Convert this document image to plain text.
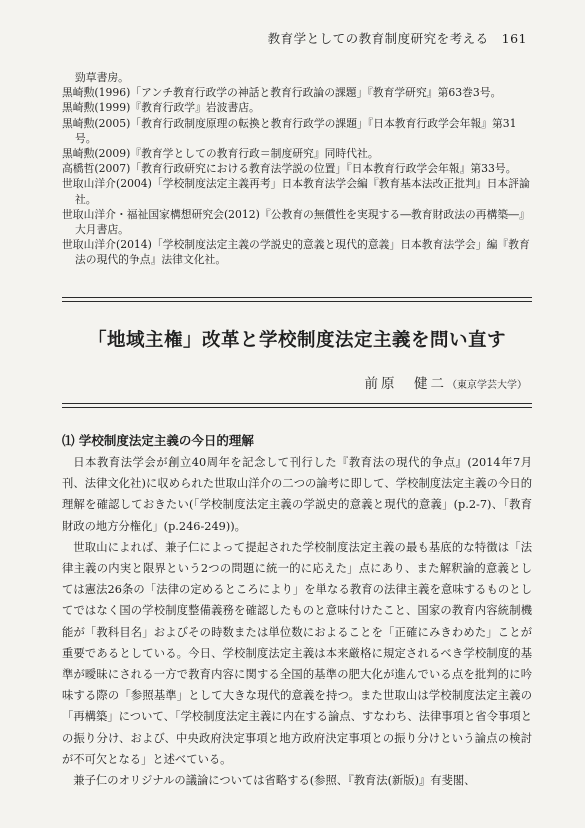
教育学としての教育制度研究を考える　161
勁草書房。
黒崎勲(1996)「アンチ教育行政学の神話と教育行政論の課題」『教育学研究』第63巻3号。
黒崎勲(1999)『教育行政学』岩波書店。
黒崎勲(2005)「教育行政制度原理の転換と教育行政学の課題」『日本教育行政学会年報』第31号。
黒崎勲(2009)『教育学としての教育行政＝制度研究』同時代社。
高橋哲(2007)「教育行政研究における教育法学説の位置」『日本教育行政学会年報』第33号。
世取山洋介(2004)「学校制度法定主義再考」日本教育法学会編『教育基本法改正批判』日本評論社。
世取山洋介・福祉国家構想研究会(2012)『公教育の無償性を実現する―教育財政法の再構築―』大月書店。
世取山洋介(2014)「学校制度法定主義の学説史的意義と現代的意義」日本教育法学会」編『教育法の現代的争点』法律文化社。
「地域主権」改革と学校制度法定主義を問い直す
前原　健二（東京学芸大学）
⑴ 学校制度法定主義の今日的理解

日本教育法学会が創立40周年を記念して刊行した『教育法の現代的争点』(2014年7月刊、法律文化社)に収められた世取山洋介の二つの論考に即して、学校制度法定主義の今日的理解を確認しておきたい(「学校制度法定主義の学説史的意義と現代的意義」(p.2-7)、「教育財政の地方分権化」(p.246-249))。

世取山によれば、兼子仁によって提起された学校制度法定主義の最も基底的な特徴は「法律主義の内実と限界という2つの問題に統一的に応えた」点にあり、また解釈論的意義としては憲法26条の「法律の定めるところにより」を単なる教育の法律主義を意味するものとしてではなく国の学校制度整備義務を確認したものと意味付けたこと、国家の教育内容統制機能が「教科目名」およびその時数または単位数におよることを「正確にみきわめた」ことが重要であるとしている。今日、学校制度法定主義は本来厳格に規定されるべき学校制度的基準が曖昧にされる一方で教育内容に関する全国的基準の肥大化が進んでいる点を批判的に吟味する際の「参照基準」として大きな現代的意義を持つ。また世取山は学校制度法定主義の「再構築」について、「学校制度法定主義に内在する論点、すなわち、法律事項と省令事項との振り分け、および、中央政府決定事項と地方政府決定事項との振り分けという論点の検討が不可欠となる」と述べている。

兼子仁のオリジナルの議論については省略する(参照、『教育法(新版)』有斐閣、
